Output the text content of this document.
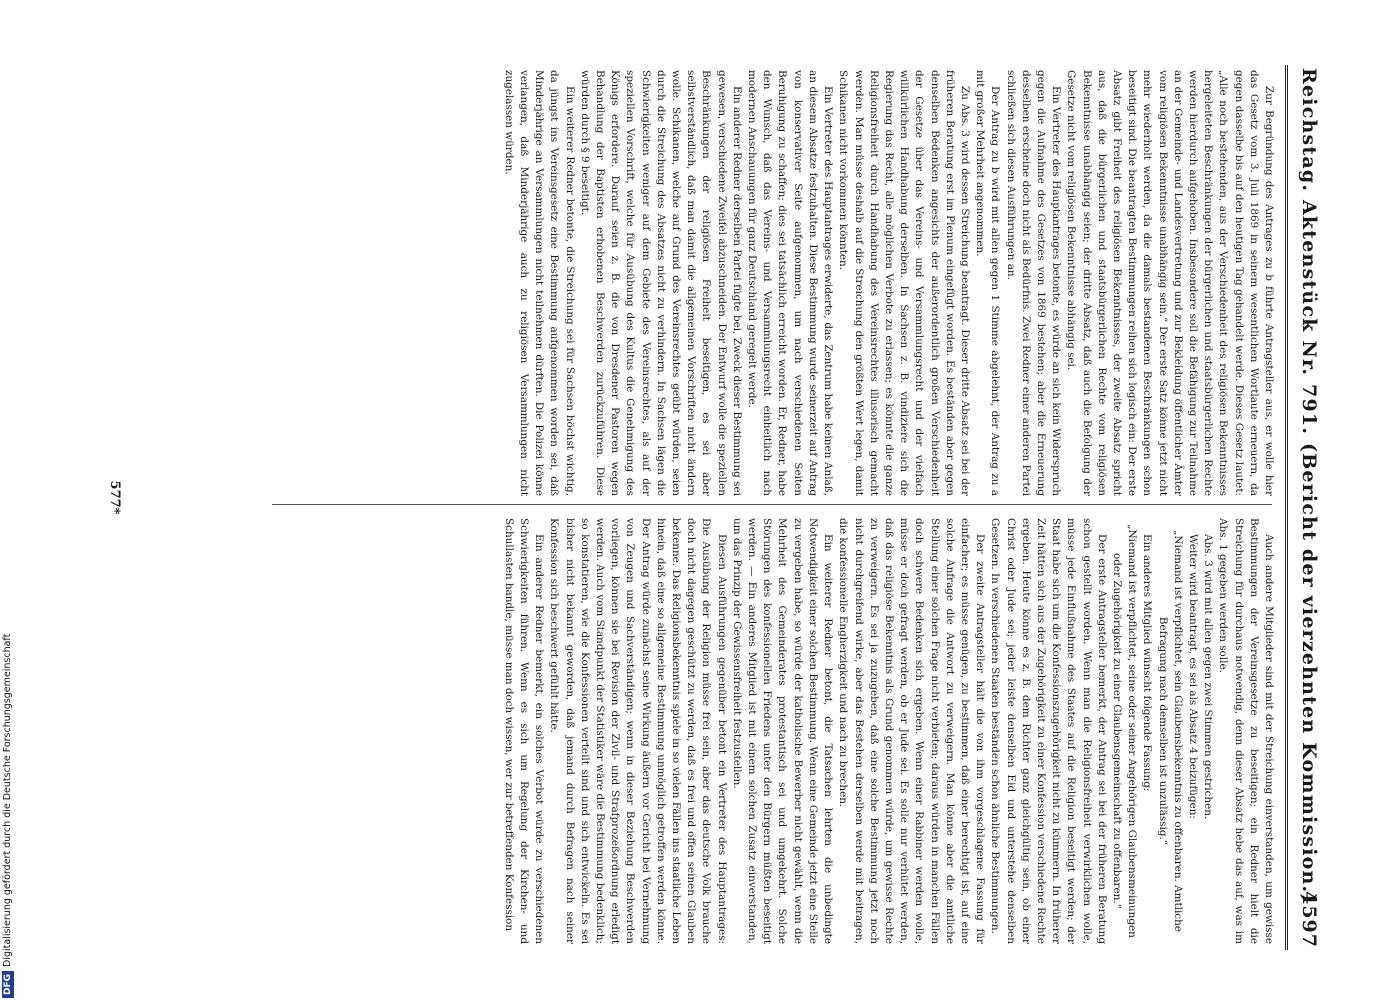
DFGDigitalisierung gefördert durch die Deutsche Forschungsgemeinschaft	Reichstag. Aktenstück Nr. 791. (Bericht der vierzehnten Kommission.)
4597

Zur Begründung des Antrages zu b führte Antragsteller aus, er wolle hier das Gesetz vom 3. Juli 1869 in seinem wesentlichen Wortlaute erneuern, da gegen dasselbe bis auf den heutigen Tag gehandelt werde. Dieses Gesetz lautet: „Alle noch bestehenden, aus der Verschiedenheit des religiösen Bekenntnisses hergeleiteten Beschränkungen der bürgerlichen und staatsbürgerlichen Rechte werden hierdurch aufgehoben. Insbesondere soll die Befähigung zur Teilnahme an der Gemeinde- und Landesvertretung und zur Bekleidung öffentlicher Ämter vom religiösen Bekenntnisse unabhängig sein.“ Der erste Satz könne jetzt nicht mehr wiederholt werden, da die damals bestandenen Beschränkungen schon beseitigt sind. Die beantragten Bestimmungen reihen sich logisch ein: Der erste Absatz gibt Freiheit des religiösen Bekenntnisses, der zweite Absatz spricht aus, daß die bürgerlichen und staatsbürgerlichen Rechte vom religiösen Bekenntnisse unabhängig seien; der dritte Absatz, daß auch die Befolgung der Gesetze nicht vom religiösen Bekenntnisse abhängig sei.

Ein Vertreter des Hauptantrages betonte, es würde an sich kein Widerspruch gegen die Aufnahme des Gesetzes von 1869 bestehen; aber die Erneuerung desselben erscheine doch nicht als Bedürfnis. Zwei Redner einer anderen Partei schließen sich diesen Ausführungen an.

Der Antrag zu b wird mit allen gegen 1 Stimme abgelehnt, der Antrag zu a mit großer Mehrheit angenommen.

Zu Abs. 3 wird dessen Streichung beantragt. Dieser dritte Absatz sei bei der früheren Beratung erst im Plenum eingefügt worden. Es beständen aber gegen denselben Bedenken angesichts der außerordentlich großen Verschiedenheit der Gesetze über das Vereins- und Versammlungsrecht und der vielfach willkürlichen Handhabung derselben. In Sachsen z. B. vindiziere sich die Regierung das Recht, alle möglichen Verbote zu erlassen; es könnte die ganze Religionsfreiheit durch Handhabung des Vereinsrechtes illusorisch gemacht werden. Man müsse deshalb auf die Streichung den größten Wert legen, damit Schikanen nicht vorkommen könnten.

Ein Vertreter des Hauptantrages erwiderte, das Zentrum habe keinen Anlaß, an diesem Absatze festzuhalten. Diese Bestimmung wurde seinerzeit auf Antrag von konservativer Seite aufgenommen, um nach verschiedenen Seiten Beruhigung zu schaffen; dies sei tatsächlich erreicht worden. Er, Redner, habe den Wunsch, daß das Vereins- und Versammlungsrecht einheitlich nach modernen Anschauungen für ganz Deutschland geregelt werde.

Ein anderer Redner derselben Partei fügte bei, Zweck dieser Bestimmung sei gewesen, verschiedene Zweifel abzuschneiden. Der Entwurf wolle die speziellen Beschränkungen der religiösen Freiheit beseitigen, es sei aber selbstverständlich, daß man damit die allgemeinen Vorschriften nicht ändern wolle. Schikanen, welche auf Grund des Vereinsrechtes geübt würden, seien durch die Streichung des Absatzes nicht zu verhindern. In Sachsen lägen die Schwierigkeiten weniger auf dem Gebiete des Vereinsrechtes, als auf der speziellen Vorschrift, welche für Ausübung des Kultus die Genehmigung des Königs erfordere. Darauf seien z. B. die von Dresdener Pastoren wegen Behandlung der Baptisten erhobenen Beschwerden zurückzuführen. Diese würden durch § 9 beseitigt.

Ein weiterer Redner betonte, die Streichung sei für Sachsen höchst wichtig, da jüngst ins Vereinsgesetz eine Bestimmung aufgenommen worden sei, daß Minderjährige an Versammlungen nicht teilnehmen dürften. Die Polizei könne verlangen, daß Minderjährige auch zu religiösen Versammlungen nicht zugelassen würden.

Auch andere Mitglieder sind mit der Streichung einverstanden, um gewisse Bestimmungen der Vereinsgesetze zu beseitigen; ein Redner hielt die Streichung für durchaus notwendig, denn dieser Absatz hebe das auf, was im Abs. 1 gegeben werden solle.

Abs. 3 wird mit allen gegen zwei Stimmen gestrichen.

Weiter wird beantragt, es sei als Absatz 4 beizufügen:

„Niemand ist verpflichtet, sein Glaubensbekenntnis zu offenbaren. Amtliche Befragung nach demselben ist unzulässig.“

Ein anderes Mitglied wünscht folgende Fassung:

„Niemand ist verpflichtet, seine oder seiner Angehörigen Glaubensmeinungen oder Zugehörigkeit zu einer Glaubensgemeinschaft zu offenbaren.“

Der erste Antragsteller bemerkt, der Antrag sei bei der früheren Beratung schon gestellt worden. Wenn man die Religionsfreiheit verwirklichen wolle, müsse jede Einflußnahme des Staates auf die Religion beseitigt werden; der Staat habe sich um die Konfessionszugehörigkeit nicht zu kümmern. In früherer Zeit hätten sich aus der Zugehörigkeit zu einer Konfession verschiedene Rechte ergeben. Heute könne es z. B. dem Richter ganz gleichgültig sein, ob einer Christ oder Jude sei; jeder leiste denselben Eid und unterstehe denselben Gesetzen. In verschiedenen Staaten beständen schon ähnliche Bestimmungen.

Der zweite Antragsteller hält die von ihm vorgeschlagene Fassung für einfacher; es müsse genügen, zu bestimmen, daß einer berechtigt ist, auf eine solche Anfrage die Antwort zu verweigern. Man könne aber die amtliche Stellung einer solchen Frage nicht verbieten; daraus würden in manchen Fällen doch schwere Bedenken sich ergeben. Wenn einer Rabbiner werden wolle, müsse er doch gefragt werden, ob er Jude sei. Es solle nur verhütet werden, daß das religiöse Bekenntnis als Grund genommen würde, um gewisse Rechte zu verweigern. Es sei ja zuzugeben, daß eine solche Bestimmung jetzt noch nicht durchgreifend wirke, aber das Bestehen derselben werde mit beitragen, die konfessionelle Engherzigkeit und nach zu brechen.

Ein weiterer Redner betont, die Tatsachen lehrten die unbedingte Notwendigkeit einer solchen Bestimmung. Wenn eine Gemeinde jetzt eine Stelle zu vergeben habe, so würde der katholische Bewerber nicht gewählt, wenn die Mehrheit des Gemeinderates protestantisch sei und umgekehrt. Solche Störungen des konfessionellen Friedens unter den Bürgern müßten beseitigt werden. — Ein anderes Mitglied ist mit einem solchen Zusatz einverstanden, um das Prinzip der Gewissensfreiheit festzustellen.

Diesen Ausführungen gegenüber betont ein Vertreter des Hauptantrages: Die Ausübung der Religion müsse frei sein, aber das deutsche Volk brauche doch nicht dagegen geschützt zu werden, daß es frei und offen seinen Glauben bekenne. Das Religionsbekenntnis spiele in so vielen Fällen ins staatliche Leben hinein, daß eine so allgemeine Bestimmung unmöglich getroffen werden könne. Der Antrag würde zunächst seine Wirkung äußern vor Gericht bei Vernehmung von Zeugen und Sachverständigen; wenn in dieser Beziehung Beschwerden vorliegen, können sie bei Revision der Zivil- und Strafprozeßordnung erledigt werden. Auch vom Standpunkt der Statistiker wäre die Bestimmung bedenklich; so konstatieren, wie die Konfessionen verteilt sind und sich entwickeln. Es sei bisher nicht bekannt geworden, daß jemand durch Befragen nach seiner Konfession sich beschwert gefühlt hätte.

Ein anderer Redner bemerkt, ein solches Verbot würde zu verschiedenen Schwierigkeiten führen. Wenn es sich um Regelung der Kirchen- und Schullasten handle, müsse man doch wissen, wer zur betreffenden Konfession

577*
